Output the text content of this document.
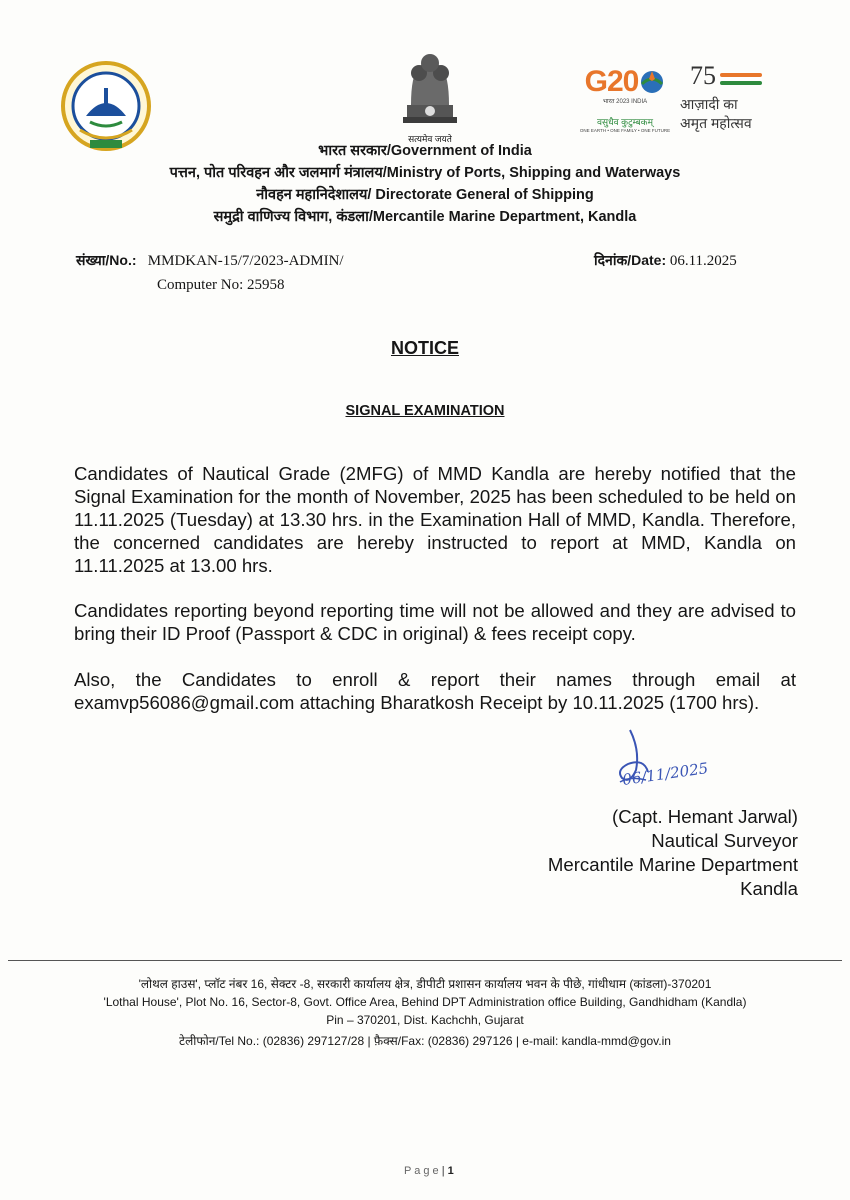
सत्यमेव जयते
G20
भारत 2023 INDIA
वसुधैव कुटुम्बकम्
ONE EARTH • ONE FAMILY • ONE FUTURE
75
आज़ादी का
अमृत महोत्सव
भारत सरकार/Government of India
पत्तन, पोत परिवहन और जलमार्ग मंत्रालय/Ministry of Ports, Shipping and Waterways
नौवहन महानिदेशालय/ Directorate General of Shipping
समुद्री वाणिज्य विभाग, कंडला/Mercantile Marine Department, Kandla
संख्या/No.: MMDKAN-15/7/2023-ADMIN/
Computer No: 25958
दिनांक/Date: 06.11.2025
NOTICE
SIGNAL EXAMINATION
Candidates of Nautical Grade (2MFG) of MMD Kandla are hereby notified that the Signal Examination for the month of November, 2025 has been scheduled to be held on 11.11.2025 (Tuesday) at 13.30 hrs. in the Examination Hall of MMD, Kandla. Therefore, the concerned candidates are hereby instructed to report at MMD, Kandla on 11.11.2025 at 13.00 hrs.
Candidates reporting beyond reporting time will not be allowed and they are advised to bring their ID Proof (Passport & CDC in original) & fees receipt copy.
Also, the Candidates to enroll & report their names through email at examvp56086@gmail.com attaching Bharatkosh Receipt by 10.11.2025 (1700 hrs).
06/11/2025
(Capt. Hemant Jarwal)
Nautical Surveyor
Mercantile Marine Department
Kandla
'लोथल हाउस', प्लॉट नंबर 16, सेक्टर -8, सरकारी कार्यालय क्षेत्र, डीपीटी प्रशासन कार्यालय भवन के पीछे, गांधीधाम (कांडला)-370201
'Lothal House', Plot No. 16, Sector-8, Govt. Office Area, Behind DPT Administration office Building, Gandhidham (Kandla)
Pin – 370201, Dist. Kachchh, Gujarat
टेलीफोन/Tel No.: (02836) 297127/28 | फ़ैक्स/Fax: (02836) 297126 | e-mail: kandla-mmd@gov.in
P a g e | 1
